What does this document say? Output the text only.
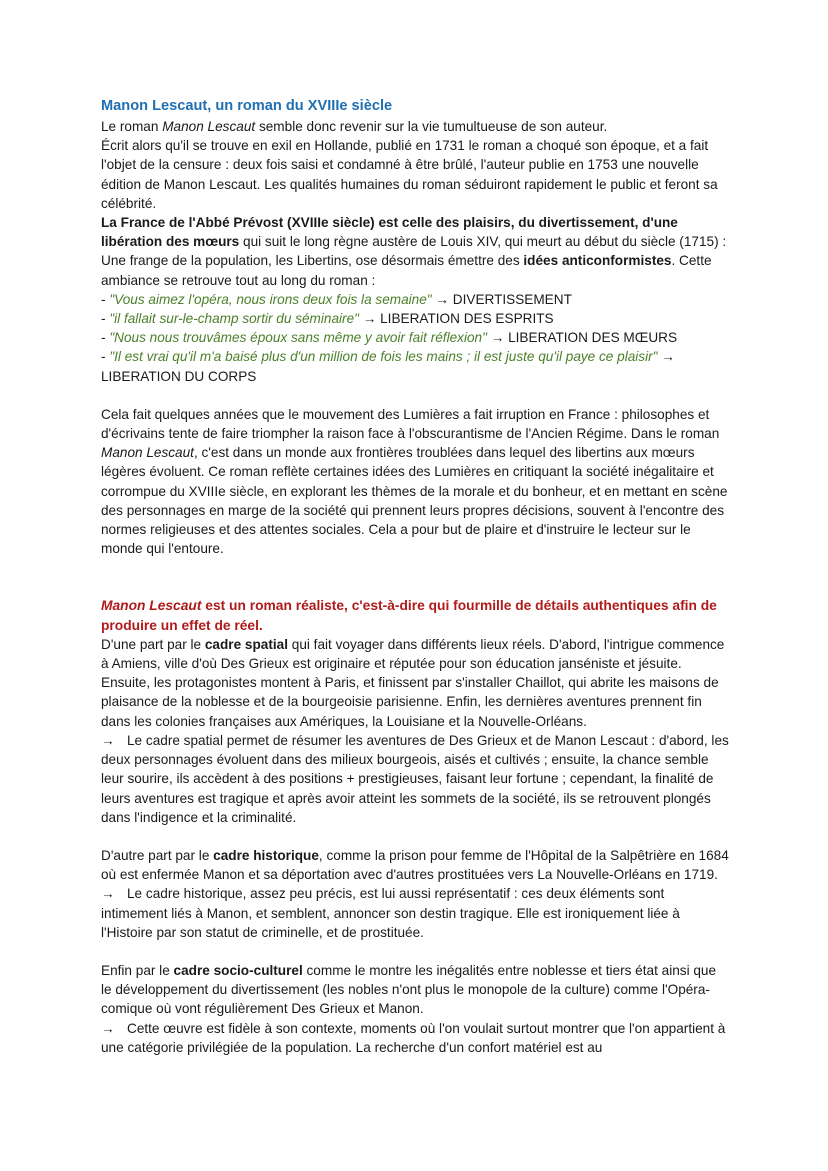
Manon Lescaut, un roman du XVIIIe siècle

Le roman Manon Lescaut semble donc revenir sur la vie tumultueuse de son auteur.

Écrit alors qu'il se trouve en exil en Hollande, publié en 1731 le roman a choqué son époque, et a fait l'objet de la censure : deux fois saisi et condamné à être brûlé, l'auteur publie en 1753 une nouvelle édition de Manon Lescaut. Les qualités humaines du roman séduiront rapidement le public et feront sa célébrité.

La France de l'Abbé Prévost (XVIIIe siècle) est celle des plaisirs, du divertissement, d'une libération des mœurs qui suit le long règne austère de Louis XIV, qui meurt au début du siècle (1715) : Une frange de la population, les Libertins, ose désormais émettre des idées anticonformistes. Cette ambiance se retrouve tout au long du roman :

- "Vous aimez l'opéra, nous irons deux fois la semaine" → DIVERTISSEMENT

- "il fallait sur-le-champ sortir du séminaire" → LIBERATION DES ESPRITS

- "Nous nous trouvâmes époux sans même y avoir fait réflexion" → LIBERATION DES MŒURS

- "Il est vrai qu'il m'a baisé plus d'un million de fois les mains ; il est juste qu'il paye ce plaisir" → LIBERATION DU CORPS

Cela fait quelques années que le mouvement des Lumières a fait irruption en France : philosophes et d'écrivains tente de faire triompher la raison face à l'obscurantisme de l'Ancien Régime. Dans le roman Manon Lescaut, c'est dans un monde aux frontières troublées dans lequel des libertins aux mœurs légères évoluent. Ce roman reflète certaines idées des Lumières en critiquant la société inégalitaire et corrompue du XVIIIe siècle, en explorant les thèmes de la morale et du bonheur, et en mettant en scène des personnages en marge de la société qui prennent leurs propres décisions, souvent à l'encontre des normes religieuses et des attentes sociales. Cela a pour but de plaire et d'instruire le lecteur sur le monde qui l'entoure.

Manon Lescaut est un roman réaliste, c'est-à-dire qui fourmille de détails authentiques afin de produire un effet de réel.

D'une part par le cadre spatial qui fait voyager dans différents lieux réels. D'abord, l'intrigue commence à Amiens, ville d'où Des Grieux est originaire et réputée pour son éducation janséniste et jésuite. Ensuite, les protagonistes montent à Paris, et finissent par s'installer Chaillot, qui abrite les maisons de plaisance de la noblesse et de la bourgeoisie parisienne. Enfin, les dernières aventures prennent fin dans les colonies françaises aux Amériques, la Louisiane et la Nouvelle-Orléans.

→ Le cadre spatial permet de résumer les aventures de Des Grieux et de Manon Lescaut : d'abord, les deux personnages évoluent dans des milieux bourgeois, aisés et cultivés ; ensuite, la chance semble leur sourire, ils accèdent à des positions + prestigieuses, faisant leur fortune ; cependant, la finalité de leurs aventures est tragique et après avoir atteint les sommets de la société, ils se retrouvent plongés dans l'indigence et la criminalité.

D'autre part par le cadre historique, comme la prison pour femme de l'Hôpital de la Salpêtrière en 1684 où est enfermée Manon et sa déportation avec d'autres prostituées vers La Nouvelle-Orléans en 1719.

→ Le cadre historique, assez peu précis, est lui aussi représentatif : ces deux éléments sont intimement liés à Manon, et semblent, annoncer son destin tragique. Elle est ironiquement liée à l'Histoire par son statut de criminelle, et de prostituée.

Enfin par le cadre socio-culturel comme le montre les inégalités entre noblesse et tiers état ainsi que le développement du divertissement (les nobles n'ont plus le monopole de la culture) comme l'Opéra-comique où vont régulièrement Des Grieux et Manon.

→ Cette œuvre est fidèle à son contexte, moments où l'on voulait surtout montrer que l'on appartient à une catégorie privilégiée de la population. La recherche d'un confort matériel est au
